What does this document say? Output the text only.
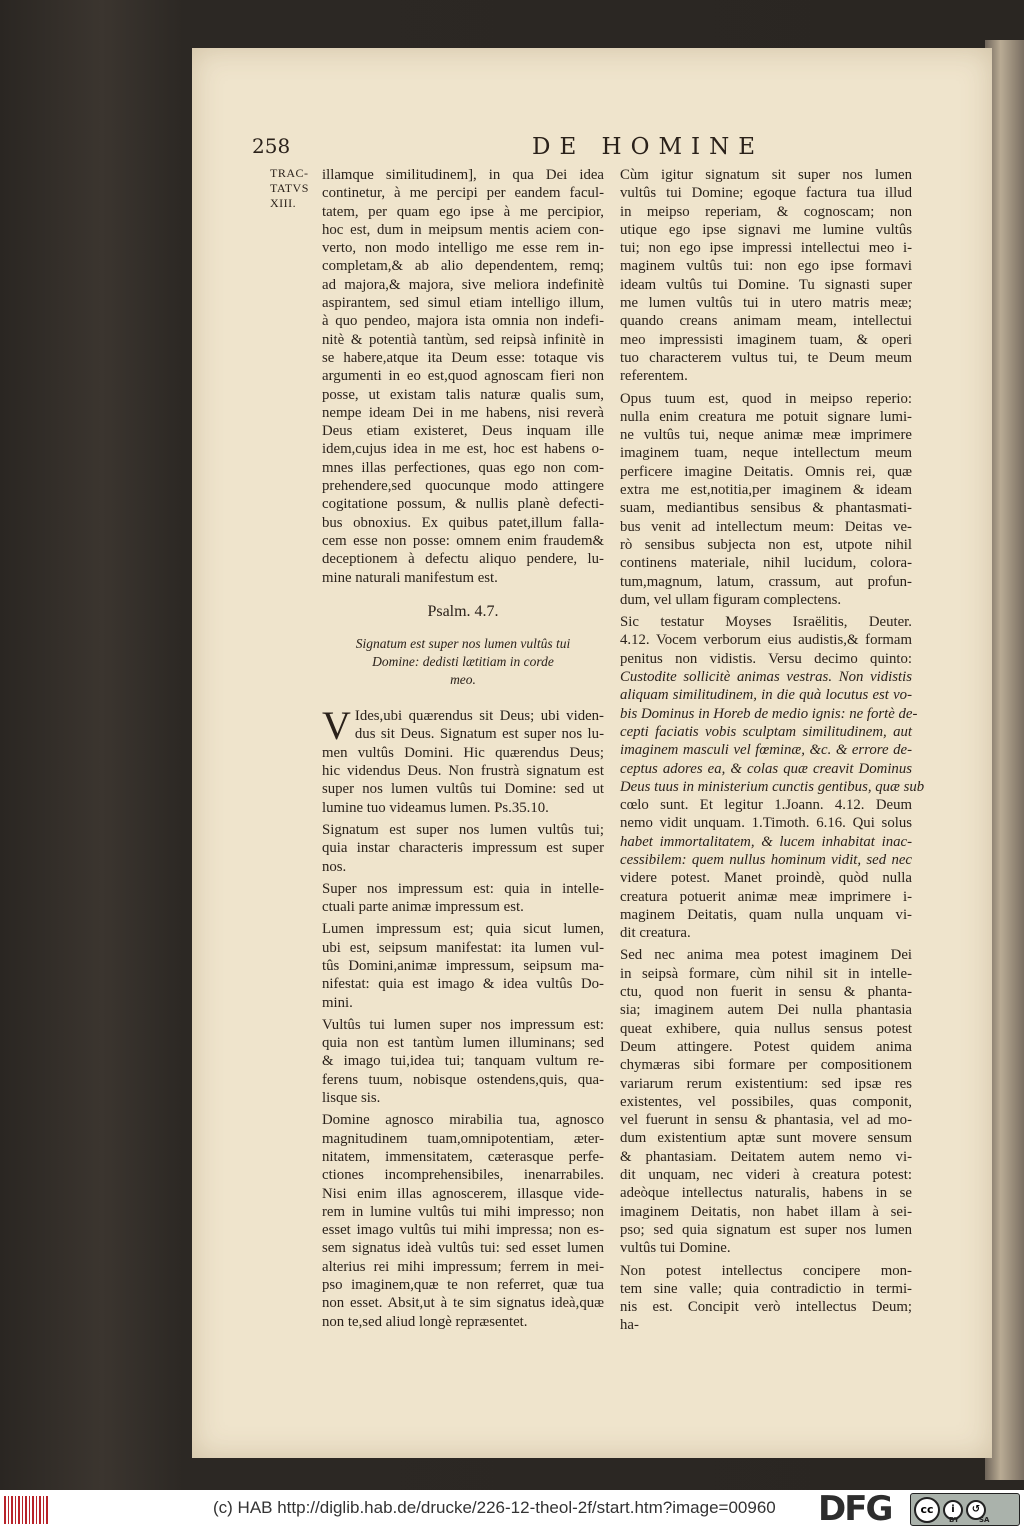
258	DE HOMINE
TRAC-
TATVS
XIII.

illamque similitudinem], in qua Dei idea
continetur, à me percipi per eandem facul-
tatem, per quam ego ipse à me percipior,
hoc est, dum in meipsum mentis aciem con-
verto, non modo intelligo me esse rem in-
completam,& ab alio dependentem, remq;
ad majora,& majora, sive meliora indefinitè
aspirantem, sed simul etiam intelligo illum,
à quo pendeo, majora ista omnia non indefi-
nitè & potentià tantùm, sed reipsà infinitè in
se habere,atque ita Deum esse: totaque vis
argumenti in eo est,quod agnoscam fieri non
posse, ut existam talis naturæ qualis sum,
nempe ideam Dei in me habens, nisi reverà
Deus etiam existeret, Deus inquam ille
idem,cujus idea in me est, hoc est habens o-
mnes illas perfectiones, quas ego non com-
prehendere,sed quocunque modo attingere
cogitatione possum, & nullis planè defecti-
bus obnoxius. Ex quibus patet,illum falla-
cem esse non posse: omnem enim fraudem&
deceptionem à defectu aliquo pendere, lu-
mine naturali manifestum est.

Psalm. 4.7.
Signatum est super nos lumen vultûs tui
Domine: dedisti lætitiam in corde
meo.

V Ides,ubi quærendus sit Deus; ubi viden-
dus sit Deus. Signatum est super nos lu-
men vultûs Domini. Hic quærendus Deus;
hic videndus Deus. Non frustrà signatum est
super nos lumen vultûs tui Domine: sed ut
lumine tuo videamus lumen. Ps.35.10.

Signatum est super nos lumen vultûs tui;
quia instar characteris impressum est super
nos.

Super nos impressum est: quia in intelle-
ctuali parte animæ impressum est.

Lumen impressum est; quia sicut lumen,
ubi est, seipsum manifestat: ita lumen vul-
tûs Domini,animæ impressum, seipsum ma-
nifestat: quia est imago & idea vultûs Do-
mini.

Vultûs tui lumen super nos impressum est:
quia non est tantùm lumen illuminans; sed
& imago tui,idea tui; tanquam vultum re-
ferens tuum, nobisque ostendens,quis, qua-
lisque sis.

Domine agnosco mirabilia tua, agnosco
magnitudinem tuam,omnipotentiam, æter-
nitatem, immensitatem, cæterasque perfe-
ctiones incomprehensibiles, inenarrabiles.
Nisi enim illas agnoscerem, illasque vide-
rem in lumine vultûs tui mihi impresso; non
esset imago vultûs tui mihi impressa; non es-
sem signatus ideà vultûs tui: sed esset lumen
alterius rei mihi impressum; ferrem in mei-
pso imaginem,quæ te non referret, quæ tua
non esset. Absit,ut à te sim signatus ideà,quæ
non te,sed aliud longè repræsentet.

Cùm igitur signatum sit super nos lumen
vultûs tui Domine; egoque factura tua illud
in meipso reperiam, & cognoscam; non
utique ego ipse signavi me lumine vultûs
tui; non ego ipse impressi intellectui meo i-
maginem vultûs tui: non ego ipse formavi
ideam vultûs tui Domine. Tu signasti super
me lumen vultûs tui in utero matris meæ;
quando creans animam meam, intellectui
meo impressisti imaginem tuam, & operi
tuo characterem vultus tui, te Deum meum
referentem.

Opus tuum est, quod in meipso reperio:
nulla enim creatura me potuit signare lumi-
ne vultûs tui, neque animæ meæ imprimere
imaginem tuam, neque intellectum meum
perficere imagine Deitatis. Omnis rei, quæ
extra me est,notitia,per imaginem & ideam
suam, mediantibus sensibus & phantasmati-
bus venit ad intellectum meum: Deitas ve-
rò sensibus subjecta non est, utpote nihil
continens materiale, nihil lucidum, colora-
tum,magnum, latum, crassum, aut profun-
dum, vel ullam figuram complectens.

Sic testatur Moyses Israëlitis, Deuter.
4.12. Vocem verborum eius audistis,& formam
penitus non vidistis. Versu decimo quinto:
Custodite sollicitè animas vestras. Non vidistis
aliquam similitudinem, in die quà locutus est vo-
bis Dominus in Horeb de medio ignis: ne fortè de-
cepti faciatis vobis sculptam similitudinem, aut
imaginem masculi vel fœminæ, &c. & errore de-
ceptus adores ea, & colas quæ creavit Dominus
Deus tuus in ministerium cunctis gentibus, quæ sub
cœlo sunt. Et legitur 1.Joann. 4.12. Deum
nemo vidit unquam. 1.Timoth. 6.16. Qui solus
habet immortalitatem, & lucem inhabitat inac-
cessibilem: quem nullus hominum vidit, sed nec
videre potest. Manet proindè, quòd nulla
creatura potuerit animæ meæ imprimere i-
maginem Deitatis, quam nulla unquam vi-
dit creatura.

Sed nec anima mea potest imaginem Dei
in seipsà formare, cùm nihil sit in intelle-
ctu, quod non fuerit in sensu & phanta-
sia; imaginem autem Dei nulla phantasia
queat exhibere, quia nullus sensus potest
Deum attingere. Potest quidem anima
chymæras sibi formare per compositionem
variarum rerum existentium: sed ipsæ res
existentes, vel possibiles, quas componit,
vel fuerunt in sensu & phantasia, vel ad mo-
dum existentium aptæ sunt movere sensum
& phantasiam. Deitatem autem nemo vi-
dit unquam, nec videri à creatura potest:
adeòque intellectus naturalis, habens in se
imaginem Deitatis, non habet illam à sei-
pso; sed quia signatum est super nos lumen
vultûs tui Domine.

Non potest intellectus concipere mon-
tem sine valle; quia contradictio in termi-
nis est. Concipit verò intellectus Deum;
ha-

(c) HAB http://diglib.hab.de/drucke/226-12-theol-2f/start.htm?image=00960 DFG	cc	i	↺
BY	SA
